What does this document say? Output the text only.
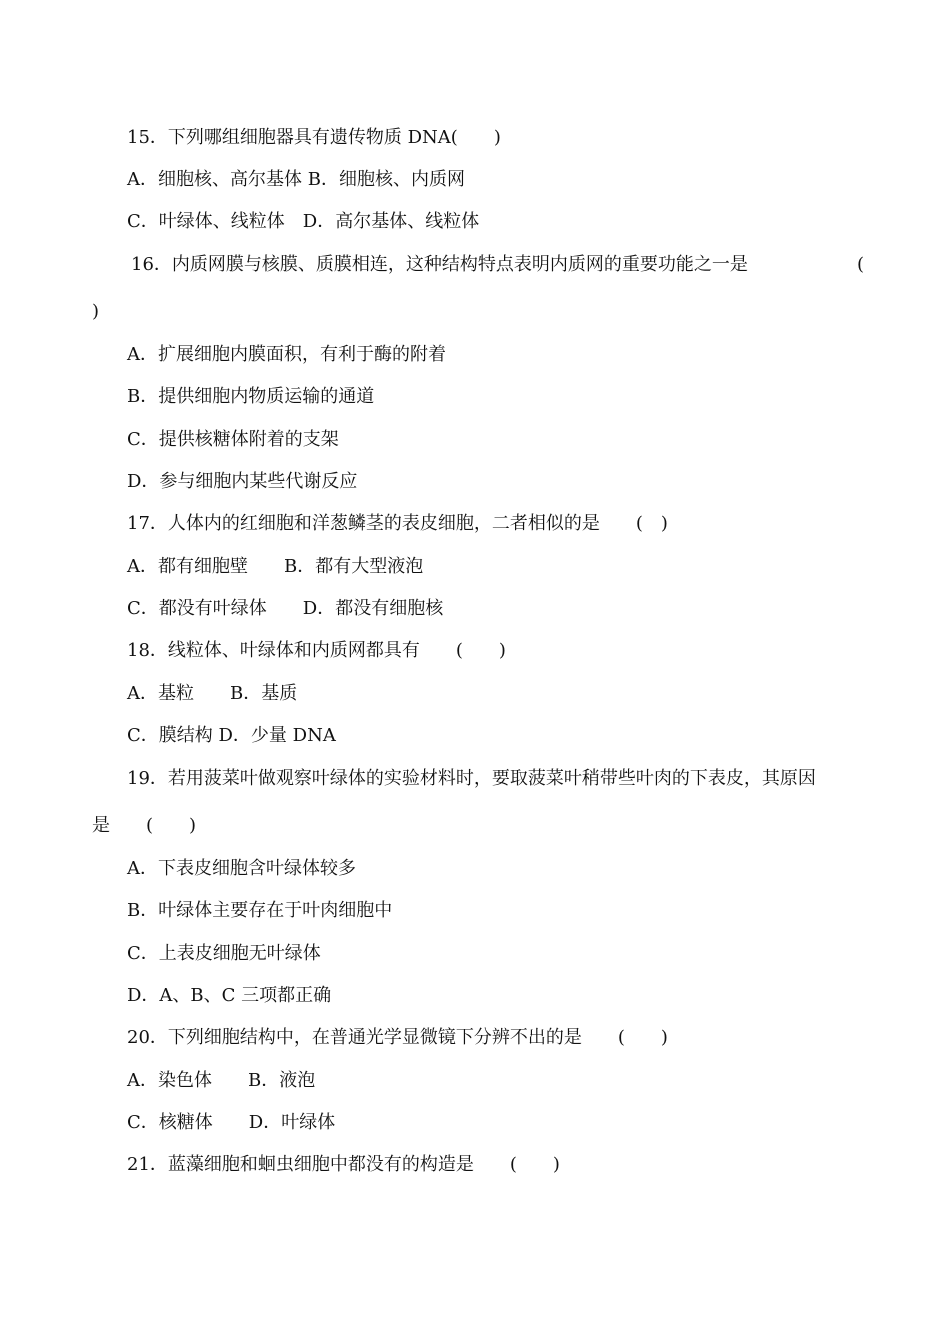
15．下列哪组细胞器具有遗传物质 DNA(　　)
A．细胞核、高尔基体 B．细胞核、内质网
C．叶绿体、线粒体　D．高尔基体、线粒体
16．内质网膜与核膜、质膜相连，这种结构特点表明内质网的重要功能之一是	(
)
A．扩展细胞内膜面积，有利于酶的附着
B．提供细胞内物质运输的通道
C．提供核糖体附着的支架
D．参与细胞内某些代谢反应
17．人体内的红细胞和洋葱鳞茎的表皮细胞，二者相似的是　　(　)
A．都有细胞壁　　B．都有大型液泡
C．都没有叶绿体　　D．都没有细胞核
18．线粒体、叶绿体和内质网都具有　　(　　)
A．基粒　　B．基质
C．膜结构 D．少量 DNA
19．若用菠菜叶做观察叶绿体的实验材料时，要取菠菜叶稍带些叶肉的下表皮，其原因
是　　(　　)
A．下表皮细胞含叶绿体较多
B．叶绿体主要存在于叶肉细胞中
C．上表皮细胞无叶绿体
D．A、B、C 三项都正确
20．下列细胞结构中，在普通光学显微镜下分辨不出的是　　(　　)
A．染色体　　B．液泡
C．核糖体　　D．叶绿体
21．蓝藻细胞和蛔虫细胞中都没有的构造是　　(　　)
